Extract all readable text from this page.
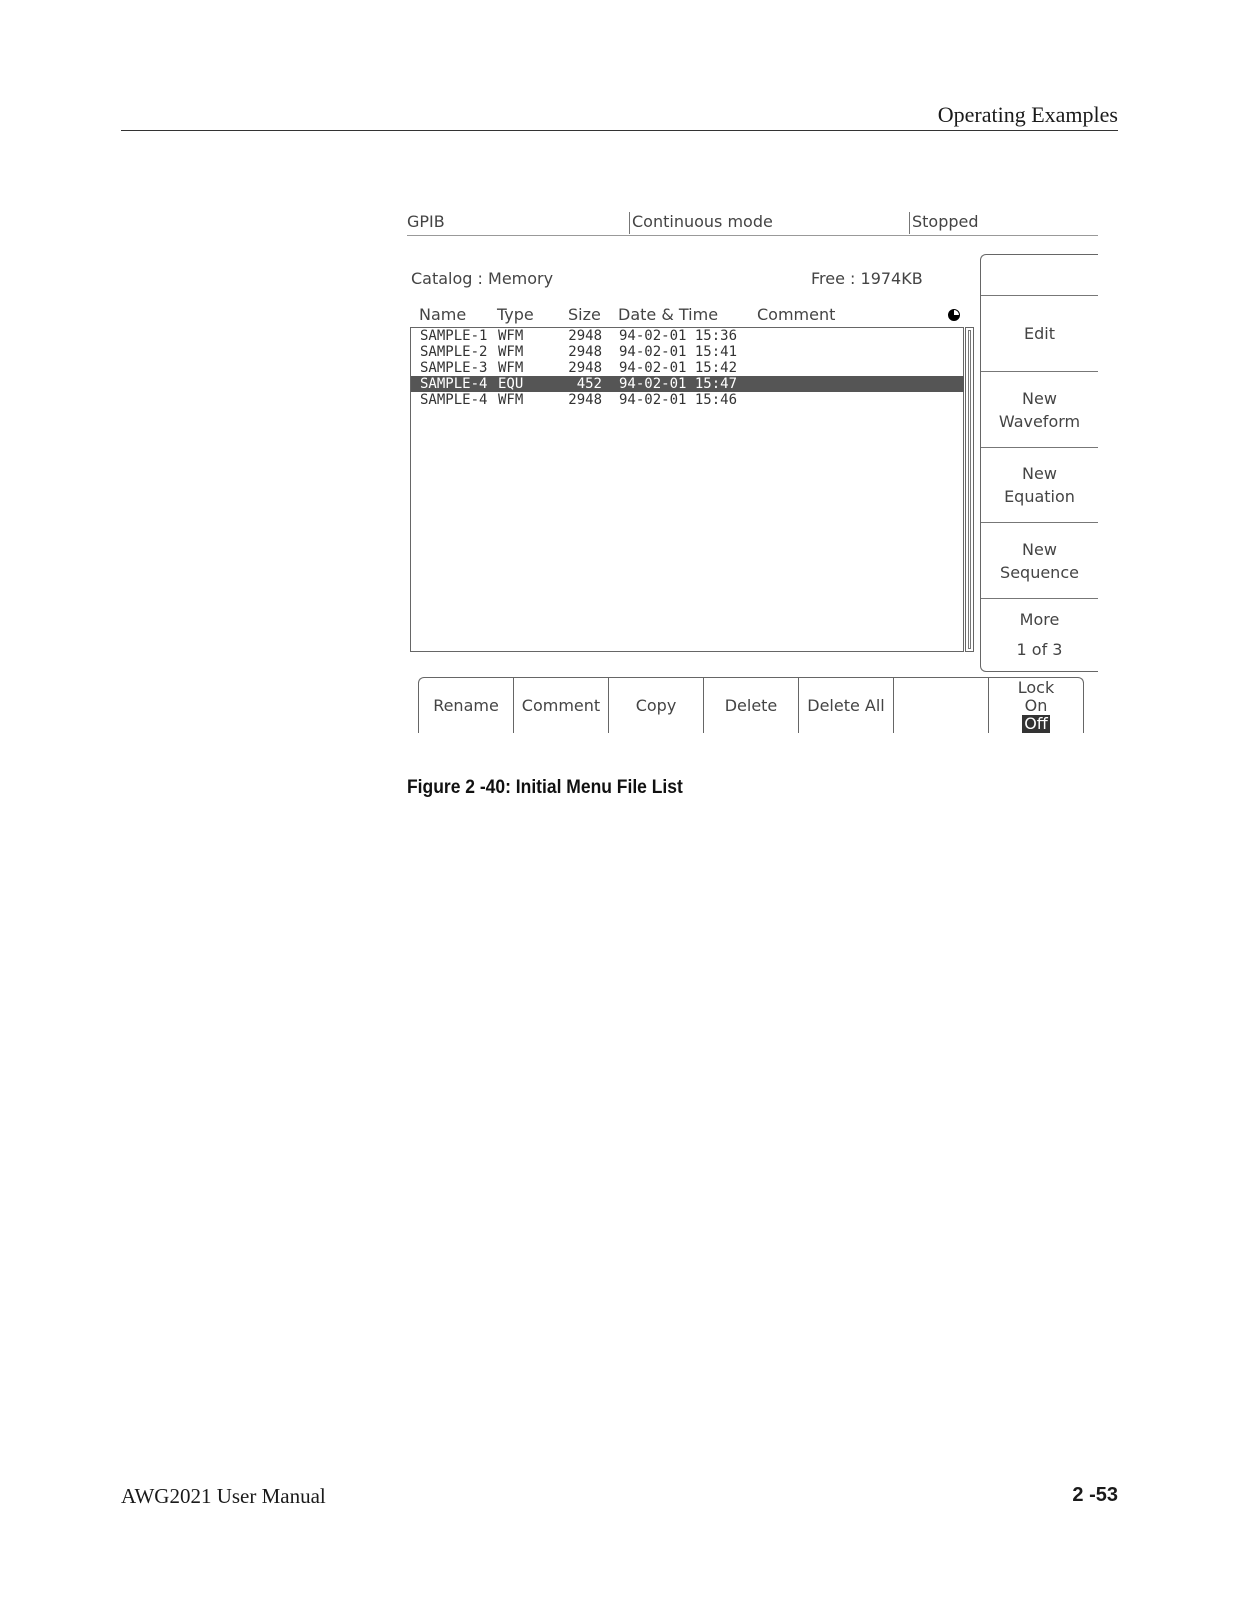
Operating Examples
GPIB	Continuous mode	Stopped
Catalog : Memory	Free : 1974KB
Name Type Size Date & Time Comment
SAMPLE-1 WFM	2948 94-02-01 15:36
SAMPLE-2 WFM	2948 94-02-01 15:41
SAMPLE-3 WFM	2948 94-02-01 15:42
SAMPLE-4 EQU	452 94-02-01 15:47
SAMPLE-4 WFM	2948 94-02-01 15:46
Edit
New
Waveform
New
Equation
New
Sequence
More
1 of 3
Rename	Comment	Copy	Delete	Delete All
Lock
On
Off
Figure 2 -40: Initial Menu File List
AWG2021 User Manual	2 -53
